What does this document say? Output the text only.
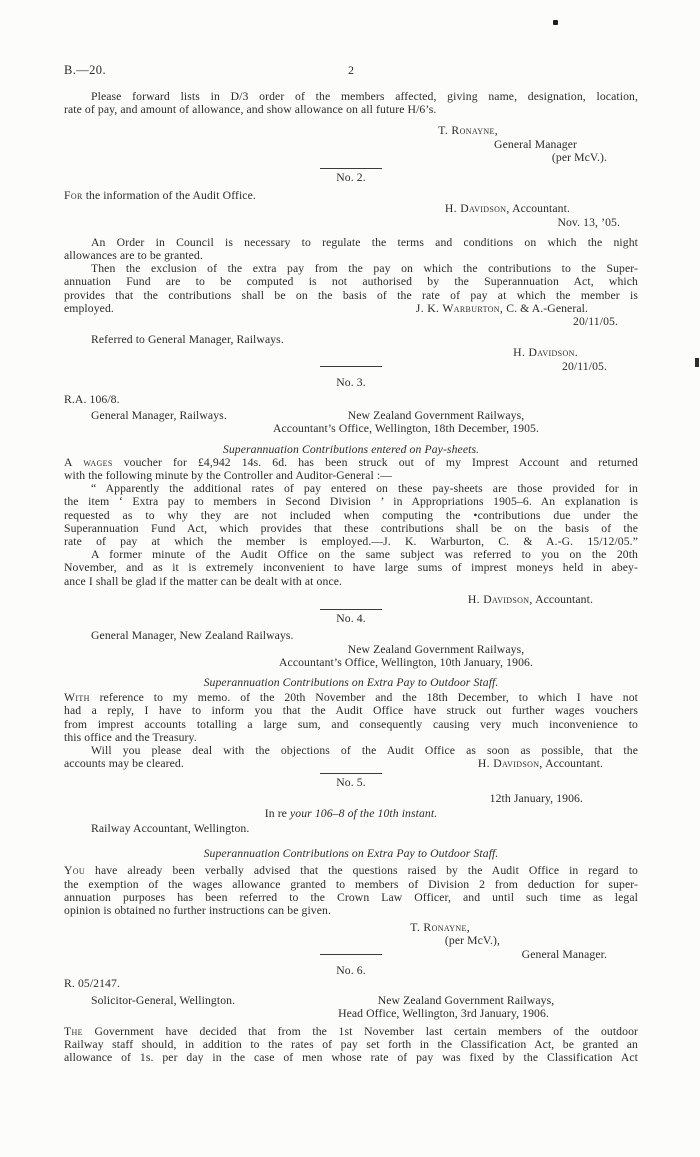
B.—20.	2
Please forward lists in D/3 order of the members affected, giving name, designation, location,
rate of pay, and amount of allowance, and show allowance on all future H/6’s.
T. Ronayne,
General Manager
(per McV.).
No. 2.
For the information of the Audit Office.
H. Davidson, Accountant.
Nov. 13, ’05.
An Order in Council is necessary to regulate the terms and conditions on which the night
allowances are to be granted.
Then the exclusion of the extra pay from the pay on which the contributions to the Super-
annuation Fund are to be computed is not authorised by the Superannuation Act, which
provides that the contributions shall be on the basis of the rate of pay at which the member is
employed.	J. K. Warburton, C. & A.-General.
20/11/05.
Referred to General Manager, Railways.
H. Davidson.
20/11/05.
No. 3.
R.A. 106/8.
General Manager, Railways.	New Zealand Government Railways,
Accountant’s Office, Wellington, 18th December, 1905.
Superannuation Contributions entered on Pay-sheets.
A wages voucher for £4,942 14s. 6d. has been struck out of my Imprest Account and returned
with the following minute by the Controller and Auditor-General :—
“ Apparently the additional rates of pay entered on these pay-sheets are those provided for in
the item ‘ Extra pay to members in Second Division ’ in Appropriations 1905–6. An explanation is
requested as to why they are not included when computing the •contributions due under the
Superannuation Fund Act, which provides that these contributions shall be on the basis of the
rate of pay at which the member is employed.—J. K. Warburton, C. & A.-G. 15/12/05.”
A former minute of the Audit Office on the same subject was referred to you on the 20th
November, and as it is extremely inconvenient to have large sums of imprest moneys held in abey-
ance I shall be glad if the matter can be dealt with at once.
H. Davidson, Accountant.
No. 4.
General Manager, New Zealand Railways.
New Zealand Government Railways,
Accountant’s Office, Wellington, 10th January, 1906.
Superannuation Contributions on Extra Pay to Outdoor Staff.
With reference to my memo. of the 20th November and the 18th December, to which I have not
had a reply, I have to inform you that the Audit Office have struck out further wages vouchers
from imprest accounts totalling a large sum, and consequently causing very much inconvenience to
this office and the Treasury.
Will you please deal with the objections of the Audit Office as soon as possible, that the
accounts may be cleared.	H. Davidson, Accountant.
No. 5.
12th January, 1906.
In re your 106–8 of the 10th instant.
Railway Accountant, Wellington.
Superannuation Contributions on Extra Pay to Outdoor Staff.
You have already been verbally advised that the questions raised by the Audit Office in regard to
the exemption of the wages allowance granted to members of Division 2 from deduction for super-
annuation purposes has been referred to the Crown Law Officer, and until such time as legal
opinion is obtained no further instructions can be given.
T. Ronayne,
(per McV.),
General Manager.
No. 6.
R. 05/2147.
Solicitor-General, Wellington.	New Zealand Government Railways,
Head Office, Wellington, 3rd January, 1906.
The Government have decided that from the 1st November last certain members of the outdoor
Railway staff should, in addition to the rates of pay set forth in the Classification Act, be granted an
allowance of 1s. per day in the case of men whose rate of pay was fixed by the Classification Act
